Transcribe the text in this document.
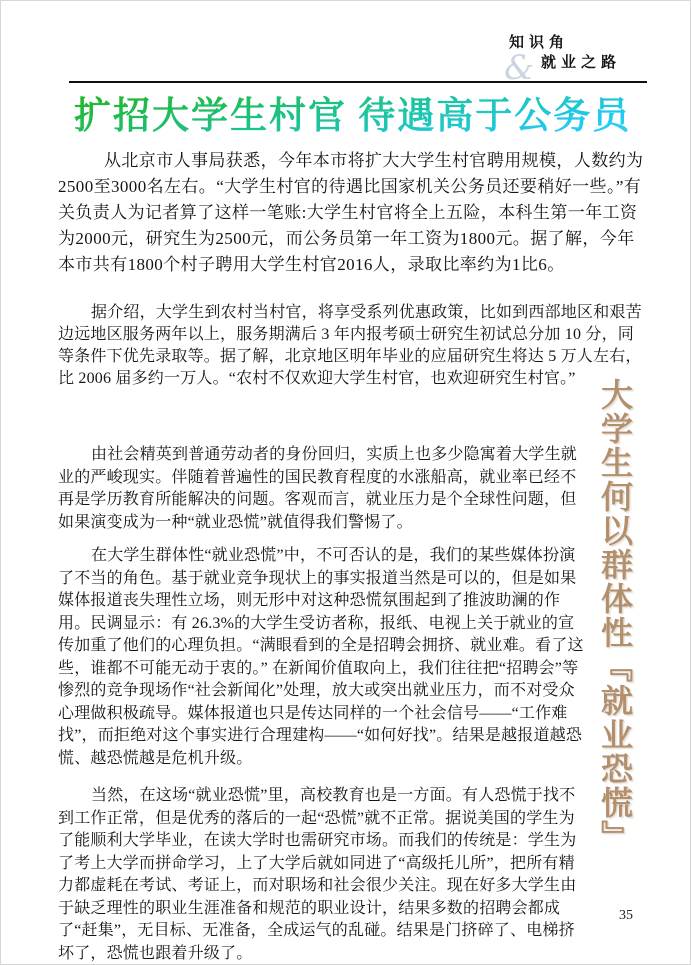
知识角
& 就业之路
扩招大学生村官 待遇高于公务员

从北京市人事局获悉，今年本市将扩大大学生村官聘用规模，人数约为2500至3000名左右。“大学生村官的待遇比国家机关公务员还要稍好一些。”有关负责人为记者算了这样一笔账:大学生村官将全上五险，本科生第一年工资为2000元，研究生为2500元，而公务员第一年工资为1800元。据了解，今年本市共有1800个村子聘用大学生村官2016人，录取比率约为1比6。

据介绍，大学生到农村当村官，将享受系列优惠政策，比如到西部地区和艰苦边远地区服务两年以上，服务期满后 3 年内报考硕士研究生初试总分加 10 分，同等条件下优先录取等。据了解，北京地区明年毕业的应届研究生将达 5 万人左右，比 2006 届多约一万人。“农村不仅欢迎大学生村官，也欢迎研究生村官。”

由社会精英到普通劳动者的身份回归，实质上也多少隐寓着大学生就业的严峻现实。伴随着普遍性的国民教育程度的水涨船高，就业率已经不再是学历教育所能解决的问题。客观而言，就业压力是个全球性问题，但如果演变成为一种“就业恐慌”就值得我们警惕了。

在大学生群体性“就业恐慌”中，不可否认的是，我们的某些媒体扮演了不当的角色。基于就业竞争现状上的事实报道当然是可以的，但是如果媒体报道丧失理性立场，则无形中对这种恐慌氛围起到了推波助澜的作用。民调显示：有 26.3%的大学生受访者称，报纸、电视上关于就业的宣传加重了他们的心理负担。“满眼看到的全是招聘会拥挤、就业难。看了这些，谁都不可能无动于衷的。” 在新闻价值取向上，我们往往把“招聘会”等惨烈的竞争现场作“社会新闻化”处理，放大或突出就业压力，而不对受众心理做积极疏导。媒体报道也只是传达同样的一个社会信号——“工作难找”，而拒绝对这个事实进行合理建构——“如何好找”。结果是越报道越恐慌、越恐慌越是危机升级。

当然，在这场“就业恐慌”里，高校教育也是一方面。有人恐慌于找不到工作正常，但是优秀的落后的一起“恐慌”就不正常。据说美国的学生为了能顺利大学毕业，在读大学时也需研究市场。而我们的传统是：学生为了考上大学而拼命学习，上了大学后就如同进了“高级托儿所”，把所有精力都虚耗在考试、考证上，而对职场和社会很少关注。现在好多大学生由于缺乏理性的职业生涯准备和规范的职业设计，结果多数的招聘会都成了“赶集”，无目标、无准备，全成运气的乱碰。结果是门挤碎了、电梯挤坏了，恐慌也跟着升级了。

大学生何以群体性『就业恐慌』
35
